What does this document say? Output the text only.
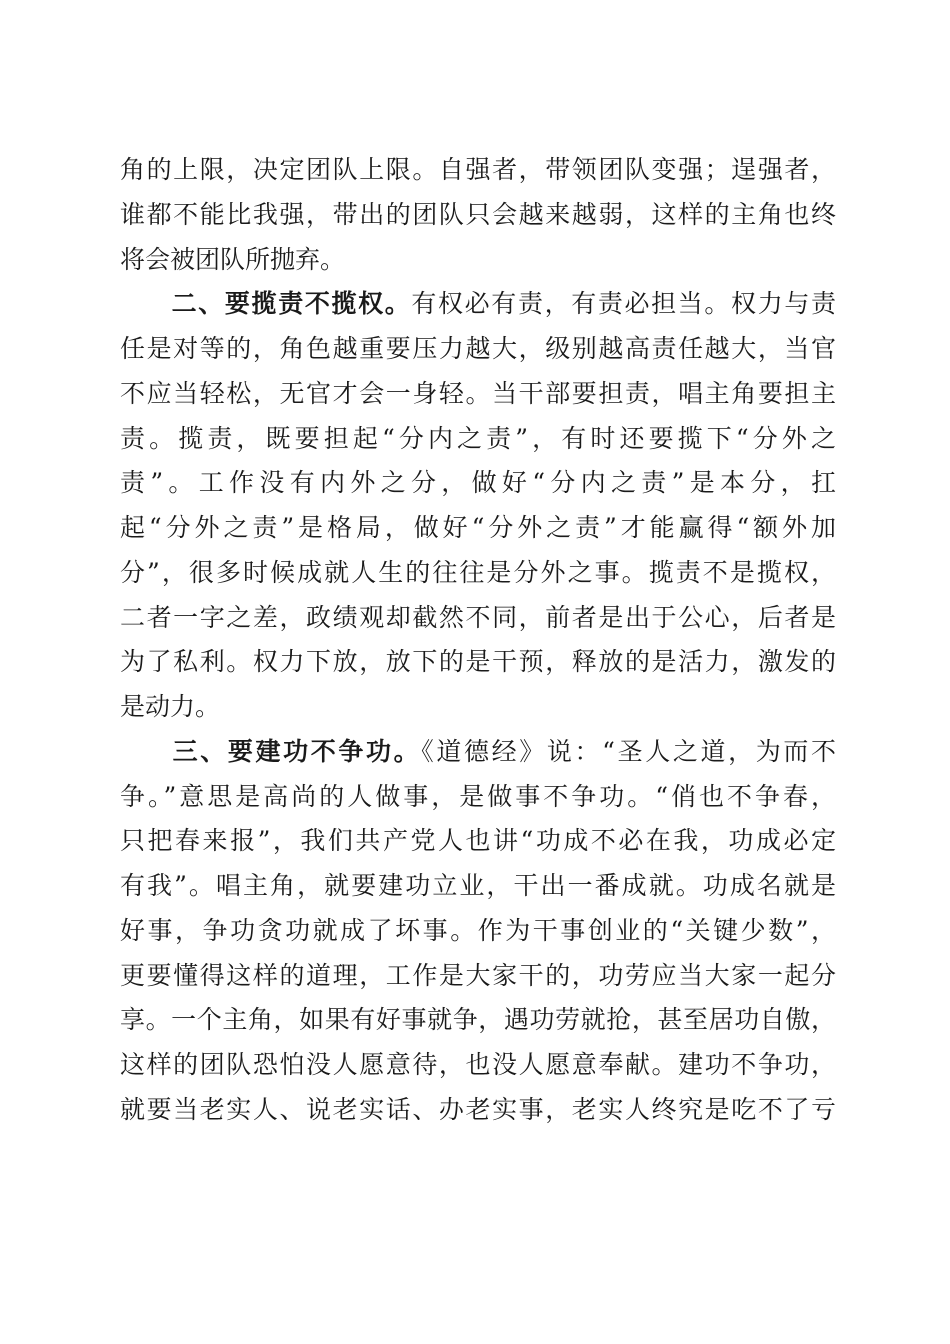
角的上限，决定团队上限。自强者，带领团队变强；逞强者，
谁都不能比我强，带出的团队只会越来越弱，这样的主角也终
将会被团队所抛弃。
二、要揽责不揽权。有权必有责，有责必担当。权力与责
任是对等的，角色越重要压力越大，级别越高责任越大，当官
不应当轻松，无官才会一身轻。当干部要担责，唱主角要担主
责。揽责，既要担起“分内之责”，有时还要揽下“分外之
责”。工作没有内外之分，做好“分内之责”是本分，扛
起“分外之责”是格局，做好“分外之责”才能赢得“额外加
分”，很多时候成就人生的往往是分外之事。揽责不是揽权，
二者一字之差，政绩观却截然不同，前者是出于公心，后者是
为了私利。权力下放，放下的是干预，释放的是活力，激发的
是动力。
三、要建功不争功。《道德经》说：“圣人之道，为而不
争。”意思是高尚的人做事，是做事不争功。“俏也不争春，
只把春来报”，我们共产党人也讲“功成不必在我，功成必定
有我”。唱主角，就要建功立业，干出一番成就。功成名就是
好事，争功贪功就成了坏事。作为干事创业的“关键少数”，
更要懂得这样的道理，工作是大家干的，功劳应当大家一起分
享。一个主角，如果有好事就争，遇功劳就抢，甚至居功自傲，
这样的团队恐怕没人愿意待，也没人愿意奉献。建功不争功，
就要当老实人、说老实话、办老实事，老实人终究是吃不了亏
